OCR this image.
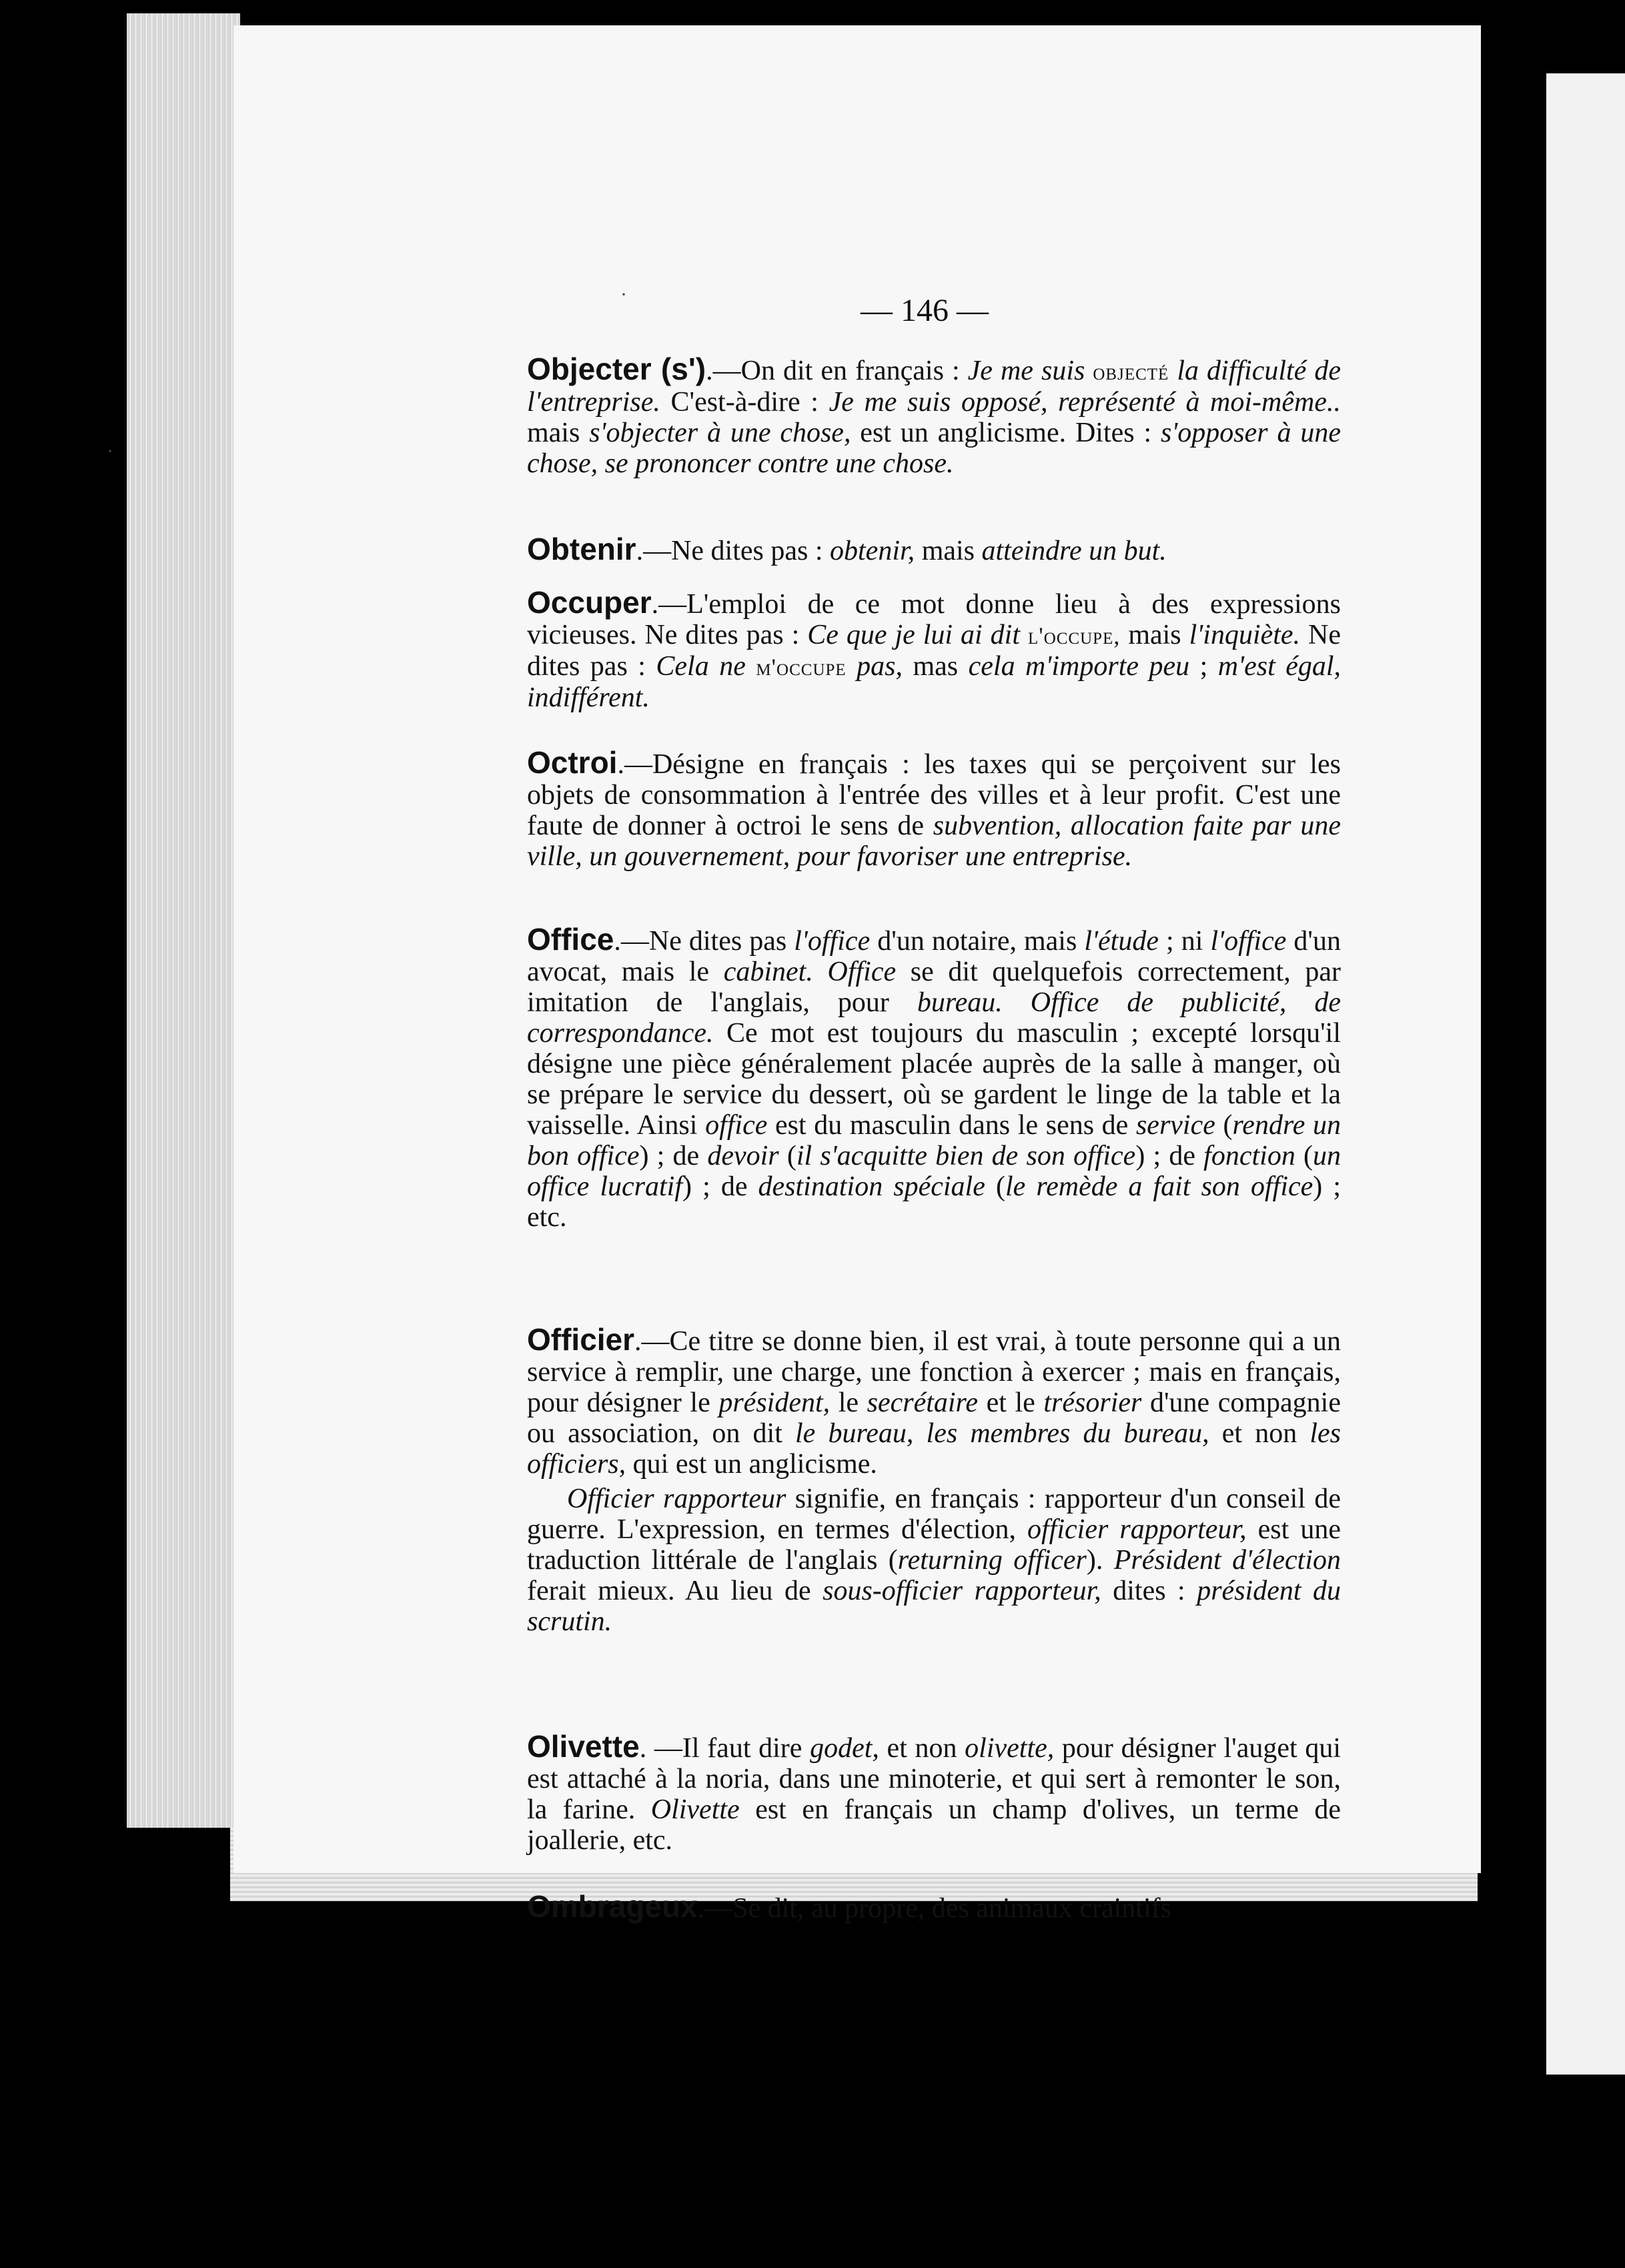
·
·
— 146 —

Objecter (s').—On dit en français : Je me suis objecté la difficulté de l'entreprise. C'est-à-dire : Je me suis opposé, représenté à moi-même.. mais s'objecter à une chose, est un anglicisme. Dites : s'opposer à une chose, se prononcer contre une chose.

Obtenir.—Ne dites pas : obtenir, mais atteindre un but.

Occuper.—L'emploi de ce mot donne lieu à des expressions vicieuses. Ne dites pas : Ce que je lui ai dit l'occupe, mais l'inquiète. Ne dites pas : Cela ne m'occupe pas, mas cela m'importe peu ; m'est égal, indifférent.

Octroi.—Désigne en français : les taxes qui se perçoivent sur les objets de consommation à l'entrée des villes et à leur profit. C'est une faute de donner à octroi le sens de subvention, allocation faite par une ville, un gouvernement, pour favoriser une entreprise.

Office.—Ne dites pas l'office d'un notaire, mais l'étude ; ni l'office d'un avocat, mais le cabinet. Office se dit quelquefois correctement, par imitation de l'anglais, pour bureau. Office de publicité, de correspondance. Ce mot est toujours du masculin ; excepté lorsqu'il désigne une pièce généralement placée auprès de la salle à manger, où se prépare le service du dessert, où se gardent le linge de la table et la vaisselle. Ainsi office est du masculin dans le sens de service (rendre un bon office) ; de devoir (il s'acquitte bien de son office) ; de fonction (un office lucratif) ; de destination spéciale (le remède a fait son office) ; etc.

Officier.—Ce titre se donne bien, il est vrai, à toute personne qui a un service à remplir, une charge, une fonction à exercer ; mais en français, pour désigner le président, le secrétaire et le trésorier d'une compagnie ou association, on dit le bureau, les membres du bureau, et non les officiers, qui est un anglicisme.

Officier rapporteur signifie, en français : rapporteur d'un conseil de guerre. L'expression, en termes d'élection, officier rapporteur, est une traduction littérale de l'anglais (returning officer). Président d'élection ferait mieux. Au lieu de sous-officier rapporteur, dites : président du scrutin.

Olivette. —Il faut dire godet, et non olivette, pour désigner l'auget qui est attaché à la noria, dans une minoterie, et qui sert à remonter le son, la farine. Olivette est en français un champ d'olives, un terme de joallerie, etc.

Ombrageux.—Se dit, au propre, des animaux craintifs
